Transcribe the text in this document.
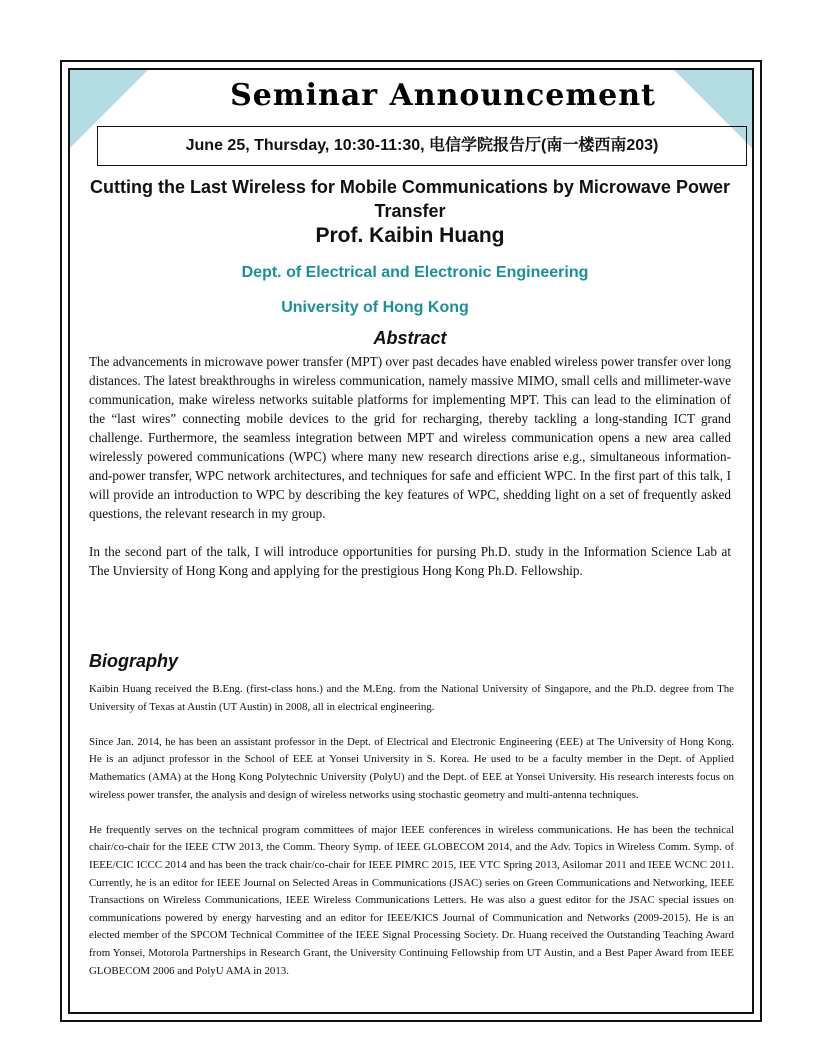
Seminar Announcement
June 25, Thursday, 10:30-11:30, 电信学院报告厅(南一楼西南203)
Cutting the Last Wireless for Mobile Communications by Microwave Power Transfer
Prof. Kaibin Huang
Dept. of Electrical and Electronic Engineering
University of Hong Kong
Abstract

The advancements in microwave power transfer (MPT) over past decades have enabled wireless power transfer over long distances. The latest breakthroughs in wireless communication, namely massive MIMO, small cells and millimeter-wave communication, make wireless networks suitable platforms for implementing MPT. This can lead to the elimination of the “last wires” connecting mobile devices to the grid for recharging, thereby tackling a long-standing ICT grand challenge. Furthermore, the seamless integration between MPT and wireless communication opens a new area called wirelessly powered communications (WPC) where many new research directions arise e.g., simultaneous information-and-power transfer, WPC network architectures, and techniques for safe and efficient WPC. In the first part of this talk, I will provide an introduction to WPC by describing the key features of WPC, shedding light on a set of frequently asked questions, the relevant research in my group.

In the second part of the talk, I will introduce opportunities for pursing Ph.D. study in the Information Science Lab at The Unviersity of Hong Kong and applying for the prestigious Hong Kong Ph.D. Fellowship.

Biography

Kaibin Huang received the B.Eng. (first-class hons.) and the M.Eng. from the National University of Singapore, and the Ph.D. degree from The University of Texas at Austin (UT Austin) in 2008, all in electrical engineering.

Since Jan. 2014, he has been an assistant professor in the Dept. of Electrical and Electronic Engineering (EEE) at The University of Hong Kong. He is an adjunct professor in the School of EEE at Yonsei University in S. Korea. He used to be a faculty member in the Dept. of Applied Mathematics (AMA) at the Hong Kong Polytechnic University (PolyU) and the Dept. of EEE at Yonsei University. His research interests focus on wireless power transfer, the analysis and design of wireless networks using stochastic geometry and multi-antenna techniques.

He frequently serves on the technical program committees of major IEEE conferences in wireless communications. He has been the technical chair/co-chair for the IEEE CTW 2013, the Comm. Theory Symp. of IEEE GLOBECOM 2014, and the Adv. Topics in Wireless Comm. Symp. of IEEE/CIC ICCC 2014 and has been the track chair/co-chair for IEEE PIMRC 2015, IEE VTC Spring 2013, Asilomar 2011 and IEEE WCNC 2011. Currently, he is an editor for IEEE Journal on Selected Areas in Communications (JSAC) series on Green Communications and Networking, IEEE Transactions on Wireless Communications, IEEE Wireless Communications Letters. He was also a guest editor for the JSAC special issues on communications powered by energy harvesting and an editor for IEEE/KICS Journal of Communication and Networks (2009-2015). He is an elected member of the SPCOM Technical Committee of the IEEE Signal Processing Society. Dr. Huang received the Outstanding Teaching Award from Yonsei, Motorola Partnerships in Research Grant, the University Continuing Fellowship from UT Austin, and a Best Paper Award from IEEE GLOBECOM 2006 and PolyU AMA in 2013.
